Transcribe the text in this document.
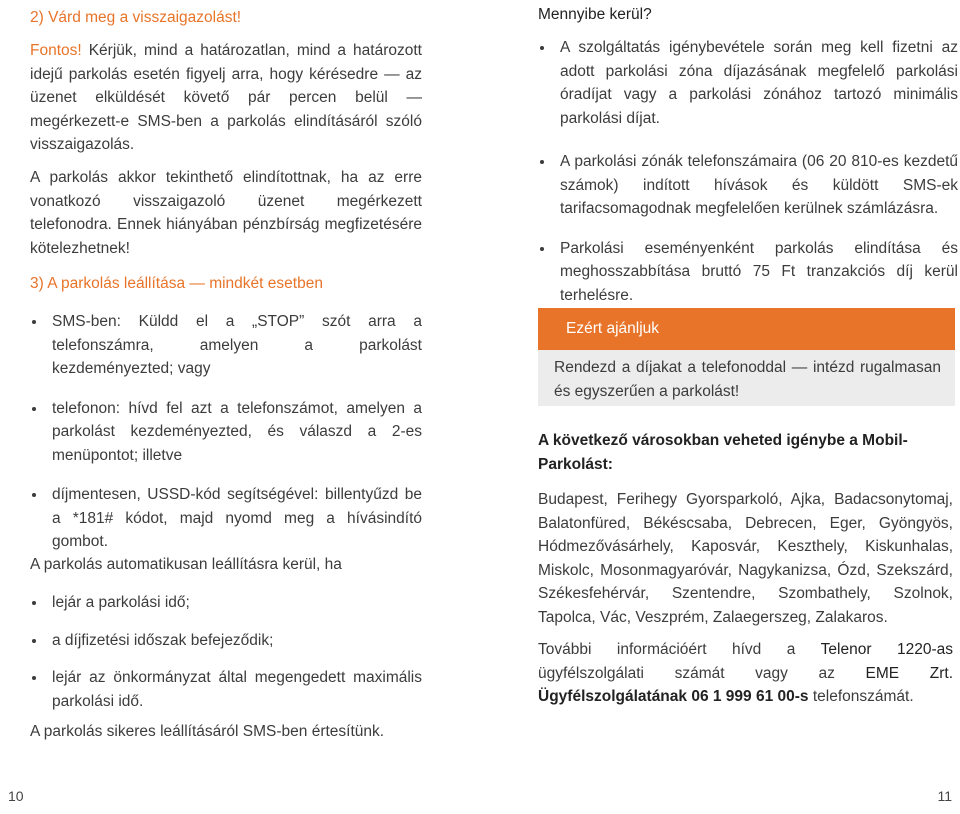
2) Várd meg a visszaigazolást!

Fontos! Kérjük, mind a határozatlan, mind a határozott idejű parkolás esetén figyelj arra, hogy kérésedre — az üzenet elküldését követő pár percen belül — megérkezett-e SMS-ben a parkolás elindításáról szóló visszaigazolás.

A parkolás akkor tekinthető elindítottnak, ha az erre vonatkozó visszaigazoló üzenet megérkezett telefonodra. Ennek hiányában pénzbírság megfizetésére kötelezhetnek!

3) A parkolás leállítása — mindkét esetben

SMS-ben: Küldd el a „STOP” szót arra a telefonszámra, amelyen a parkolást kezdeményezted; vagy
telefonon: hívd fel azt a telefonszámot, amelyen a parkolást kezdeményezted, és válaszd a 2-es menüpontot; illetve
díjmentesen, USSD-kód segítségével: billentyűzd be a *181# kódot, majd nyomd meg a hívásindító gombot.

A parkolás automatikusan leállításra kerül, ha

lejár a parkolási idő;
a díjfizetési időszak befejeződik;
lejár az önkormányzat által megengedett maximális parkolási idő.

A parkolás sikeres leállításáról SMS-ben értesítünk.

10

Mennyibe kerül?

A szolgáltatás igénybevétele során meg kell fizetni az adott parkolási zóna díjazásának megfelelő parkolási óradíjat vagy a parkolási zónához tartozó minimális parkolási díjat.
A parkolási zónák telefonszámaira (06 20 810-es kezdetű számok) indított hívások és küldött SMS-ek tarifacsomagodnak megfelelően kerülnek számlázásra.
Parkolási eseményenként parkolás elindítása és meghosszabbítása bruttó 75 Ft tranzakciós díj kerül terhelésre.
Ezért ajánljuk

Rendezd a díjakat a telefonoddal — intézd rugalmasan és egyszerűen a parkolást!

A következő városokban veheted igénybe a Mobil-Parkolást:

Budapest, Ferihegy Gyorsparkoló, Ajka, Badacsonytomaj, Balatonfüred, Békéscsaba, Debrecen, Eger, Gyöngyös, Hódmezővásárhely, Kaposvár, Keszthely, Kiskunhalas, Miskolc, Mosonmagyaróvár, Nagykanizsa, Ózd, Szekszárd, Székesfehérvár, Szentendre, Szombathely, Szolnok, Tapolca, Vác, Veszprém, Zalaegerszeg, Zalakaros.

További információért hívd a Telenor 1220-as ügyfélszolgálati számát vagy az EME Zrt. Ügyfélszolgálatának 06 1 999 61 00-s telefonszámát.

11
